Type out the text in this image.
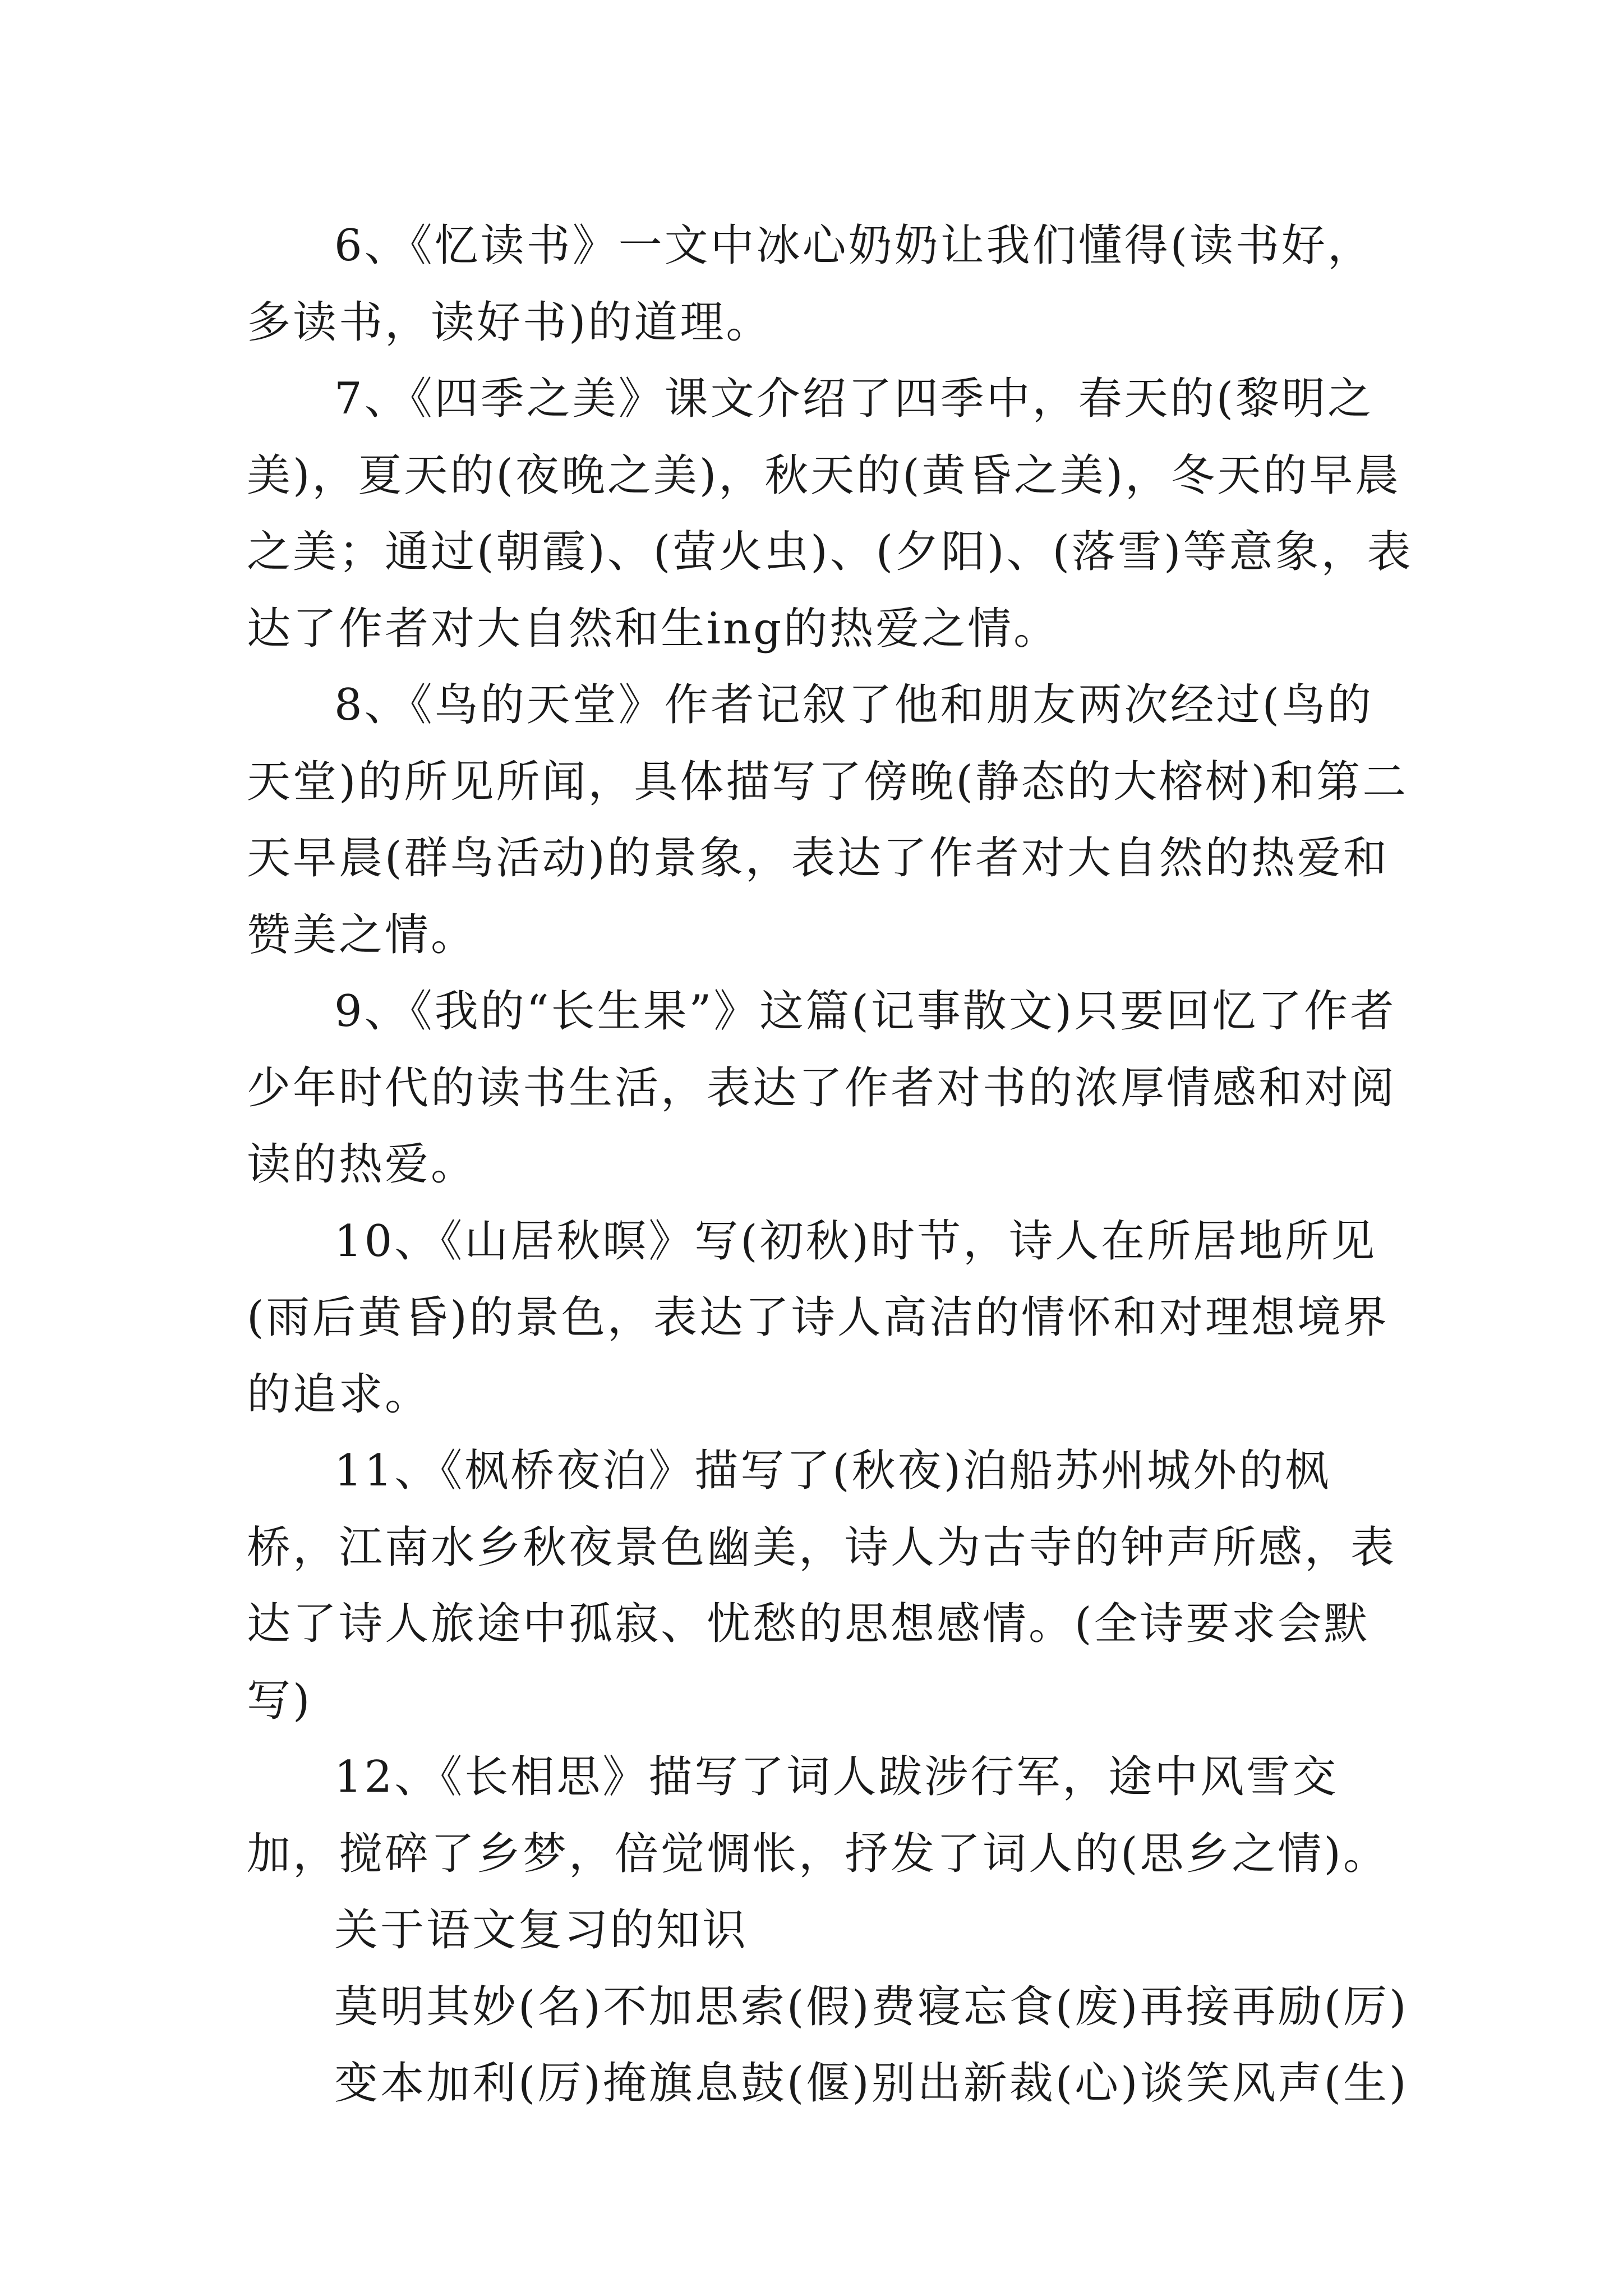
6、《忆读书》一文中冰心奶奶让我们懂得(读书好，多读书，读好书)的道理。

7、《四季之美》课文介绍了四季中，春天的(黎明之美)，夏天的(夜晚之美)，秋天的(黄昏之美)，冬天的早晨之美；通过(朝霞)、(萤火虫)、(夕阳)、(落雪)等意象，表达了作者对大自然和生ing的热爱之情。

8、《鸟的天堂》作者记叙了他和朋友两次经过(鸟的天堂)的所见所闻，具体描写了傍晚(静态的大榕树)和第二天早晨(群鸟活动)的景象，表达了作者对大自然的热爱和赞美之情。

9、《我的“长生果”》这篇(记事散文)只要回忆了作者少年时代的读书生活，表达了作者对书的浓厚情感和对阅读的热爱。

10、《山居秋暝》写(初秋)时节，诗人在所居地所见(雨后黄昏)的景色，表达了诗人高洁的情怀和对理想境界的追求。

11、《枫桥夜泊》描写了(秋夜)泊船苏州城外的枫桥，江南水乡秋夜景色幽美，诗人为古寺的钟声所感，表达了诗人旅途中孤寂、忧愁的思想感情。(全诗要求会默写)

12、《长相思》描写了词人跋涉行军，途中风雪交加，搅碎了乡梦，倍觉惆怅，抒发了词人的(思乡之情)。

关于语文复习的知识

莫明其妙(名)不加思索(假)费寝忘食(废)再接再励(厉)

变本加利(厉)掩旗息鼓(偃)别出新裁(心)谈笑风声(生)
